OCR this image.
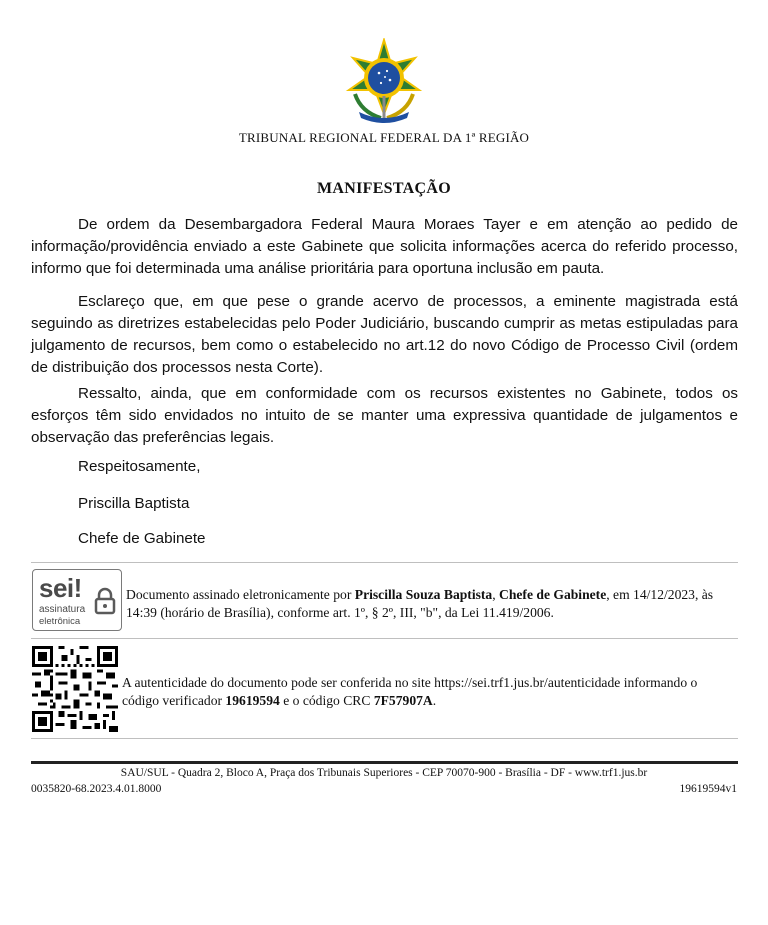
TRIBUNAL REGIONAL FEDERAL DA 1ª REGIÃO
MANIFESTAÇÃO

De ordem da Desembargadora Federal Maura Moraes Tayer e em atenção ao pedido de informação/providência enviado a este Gabinete que solicita informações acerca do referido processo, informo que foi determinada uma análise prioritária para oportuna inclusão em pauta.

Esclareço que, em que pese o grande acervo de processos, a eminente magistrada está seguindo as diretrizes estabelecidas pelo Poder Judiciário, buscando cumprir as metas estipuladas para julgamento de recursos, bem como o estabelecido no art.12 do novo Código de Processo Civil (ordem de distribuição dos processos nesta Corte).

Ressalto, ainda, que em conformidade com os recursos existentes no Gabinete, todos os esforços têm sido envidados no intuito de se manter uma expressiva quantidade de julgamentos e observação das preferências legais.

Respeitosamente,
Priscilla Baptista
Chefe de Gabinete
sei!
assinatura
eletrônica

Documento assinado eletronicamente por Priscilla Souza Baptista, Chefe de Gabinete, em 14/12/2023, às 14:39 (horário de Brasília), conforme art. 1º, § 2º, III, "b", da Lei 11.419/2006.

A autenticidade do documento pode ser conferida no site https://sei.trf1.jus.br/autenticidade informando o código verificador 19619594 e o código CRC 7F57907A.

SAU/SUL - Quadra 2, Bloco A, Praça dos Tribunais Superiores - CEP 70070-900 - Brasília - DF - www.trf1.jus.br
0035820-68.2023.4.01.8000	19619594v1
